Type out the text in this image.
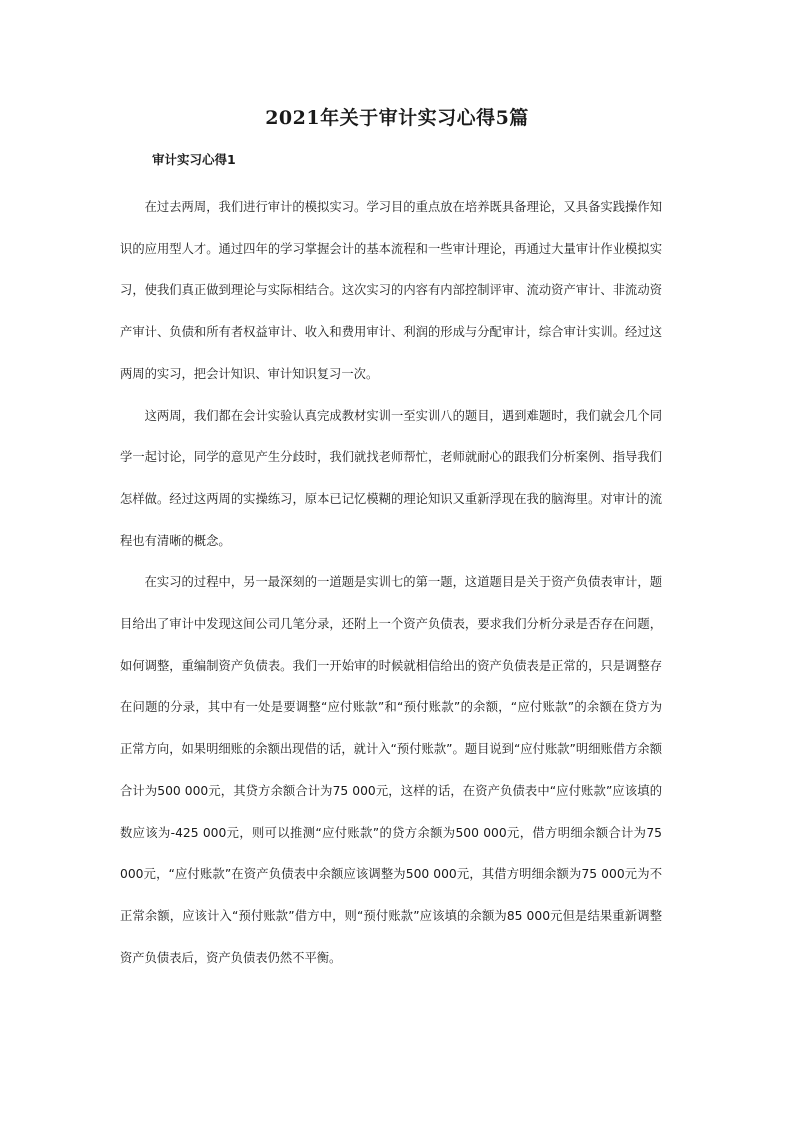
2021年关于审计实习心得5篇
审计实习心得1

在过去两周，我们进行审计的模拟实习。学习目的重点放在培养既具备理论，又具备实践操作知识的应用型人才。通过四年的学习掌握会计的基本流程和一些审计理论，再通过大量审计作业模拟实习，使我们真正做到理论与实际相结合。这次实习的内容有内部控制评审、流动资产审计、非流动资产审计、负债和所有者权益审计、收入和费用审计、利润的形成与分配审计，综合审计实训。经过这两周的实习，把会计知识、审计知识复习一次。

这两周，我们都在会计实验认真完成教材实训一至实训八的题目，遇到难题时，我们就会几个同学一起讨论，同学的意见产生分歧时，我们就找老师帮忙，老师就耐心的跟我们分析案例、指导我们怎样做。经过这两周的实操练习，原本已记忆模糊的理论知识又重新浮现在我的脑海里。对审计的流程也有清晰的概念。

在实习的过程中，另一最深刻的一道题是实训七的第一题，这道题目是关于资产负债表审计，题目给出了审计中发现这间公司几笔分录，还附上一个资产负债表，要求我们分析分录是否存在问题，如何调整，重编制资产负债表。我们一开始审的时候就相信给出的资产负债表是正常的，只是调整存在问题的分录，其中有一处是要调整“应付账款”和“预付账款”的余额，“应付账款”的余额在贷方为正常方向，如果明细账的余额出现借的话，就计入“预付账款”。题目说到“应付账款”明细账借方余额合计为500 000元，其贷方余额合计为75 000元，这样的话，在资产负债表中“应付账款”应该填的数应该为-425 000元，则可以推测“应付账款”的贷方余额为500 000元，借方明细余额合计为75 000元，“应付账款”在资产负债表中余额应该调整为500 000元，其借方明细余额为75 000元为不正常余额，应该计入“预付账款”借方中，则“预付账款”应该填的余额为85 000元但是结果重新调整资产负债表后，资产负债表仍然不平衡。
